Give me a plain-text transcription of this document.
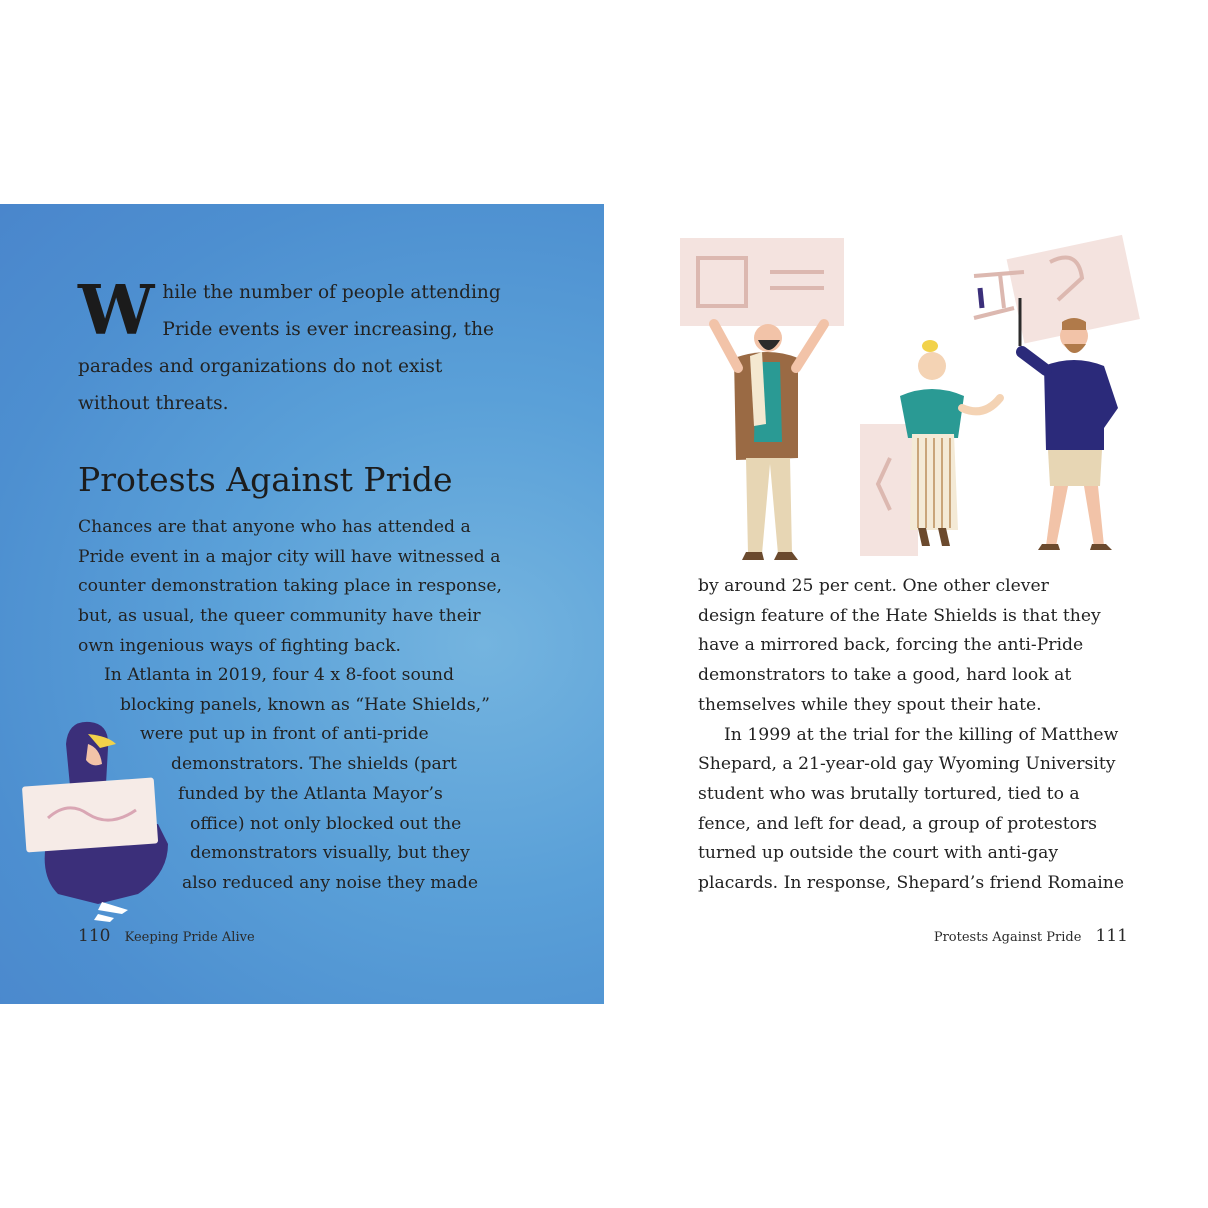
While the number of people attending Pride events is ever increasing, the parades and organizations do not exist without threats.
Protests Against Pride
Chances are that anyone who has attended a Pride event in a major city will have witnessed a counter demonstration taking place in response, but, as usual, the queer community have their own ingenious ways of fighting back.
In Atlanta in 2019, four 4 x 8-foot sound
blocking panels, known as “Hate Shields,”
were put up in front of anti-pride
demonstrators. The shields (part
funded by the Atlanta Mayor’s
office) not only blocked out the
demonstrators visually, but they
also reduced any noise they made
110 Keeping Pride Alive
by around 25 per cent. One other clever
design feature of the Hate Shields is that they
have a mirrored back, forcing the anti-Pride
demonstrators to take a good, hard look at
themselves while they spout their hate.
In 1999 at the trial for the killing of Matthew
Shepard, a 21-year-old gay Wyoming University
student who was brutally tortured, tied to a
fence, and left for dead, a group of protestors
turned up outside the court with anti-gay
placards. In response, Shepard’s friend Romaine
Protests Against Pride 111
